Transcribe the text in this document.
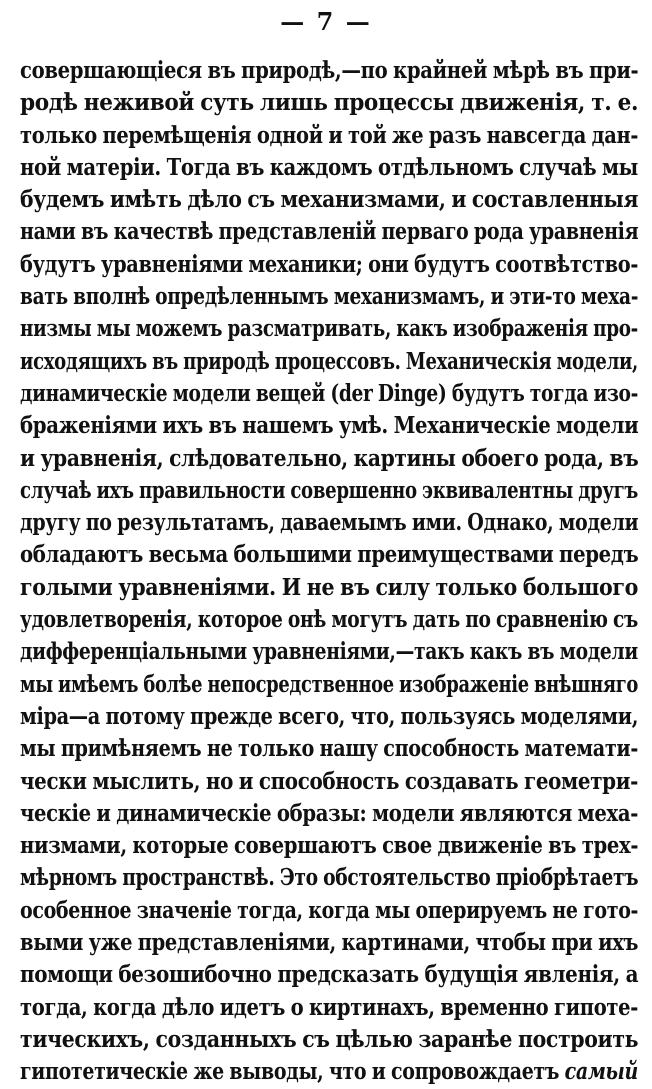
— 7 —
совершающіеся въ природѣ,—по крайней мѣрѣ въ при-
родѣ неживой суть лишь процессы движенія, т. е.
только перемѣщенія одной и той же разъ навсегда дан-
ной матеріи. Тогда въ каждомъ отдѣльномъ случаѣ мы
будемъ имѣть дѣло съ механизмами, и составленныя
нами въ качествѣ представленій перваго рода уравненія
будутъ уравненіями механики; они будутъ соотвѣтство-
вать вполнѣ опредѣленнымъ механизмамъ, и эти-то меха-
низмы мы можемъ разсматривать, какъ изображенія про-
исходящихъ въ природѣ процессовъ. Механическія модели,
динамическіе модели вещей (der Dinge) будутъ тогда изо-
браженіями ихъ въ нашемъ умѣ. Механическіе модели
и уравненія, слѣдовательно, картины обоего рода, въ
случаѣ ихъ правильности совершенно эквивалентны другъ
другу по результатамъ, даваемымъ ими. Однако, модели
обладаютъ весьма большими преимуществами передъ
голыми уравненіями. И не въ силу только большого
удовлетворенія, которое онѣ могутъ дать по сравненію съ
дифференціальными уравненіями,—такъ какъ въ модели
мы имѣемъ болѣе непосредственное изображеніе внѣшняго
міра—а потому прежде всего, что, пользуясь моделями,
мы примѣняемъ не только нашу способность математи-
чески мыслить, но и способность создавать геометри-
ческіе и динамическіе образы: модели являются меха-
низмами, которые совершаютъ свое движеніе въ трех-
мѣрномъ пространствѣ. Это обстоятельство пріобрѣтаетъ
особенное значеніе тогда, когда мы оперируемъ не гото-
выми уже представленіями, картинами, чтобы при ихъ
помощи безошибочно предсказать будущія явленія, а
тогда, когда дѣло идетъ о киртинахъ, временно гипоте-
тическихъ, созданныхъ съ цѣлью заранѣе построить
гипотетическіе же выводы, что и сопровождаетъ самый
